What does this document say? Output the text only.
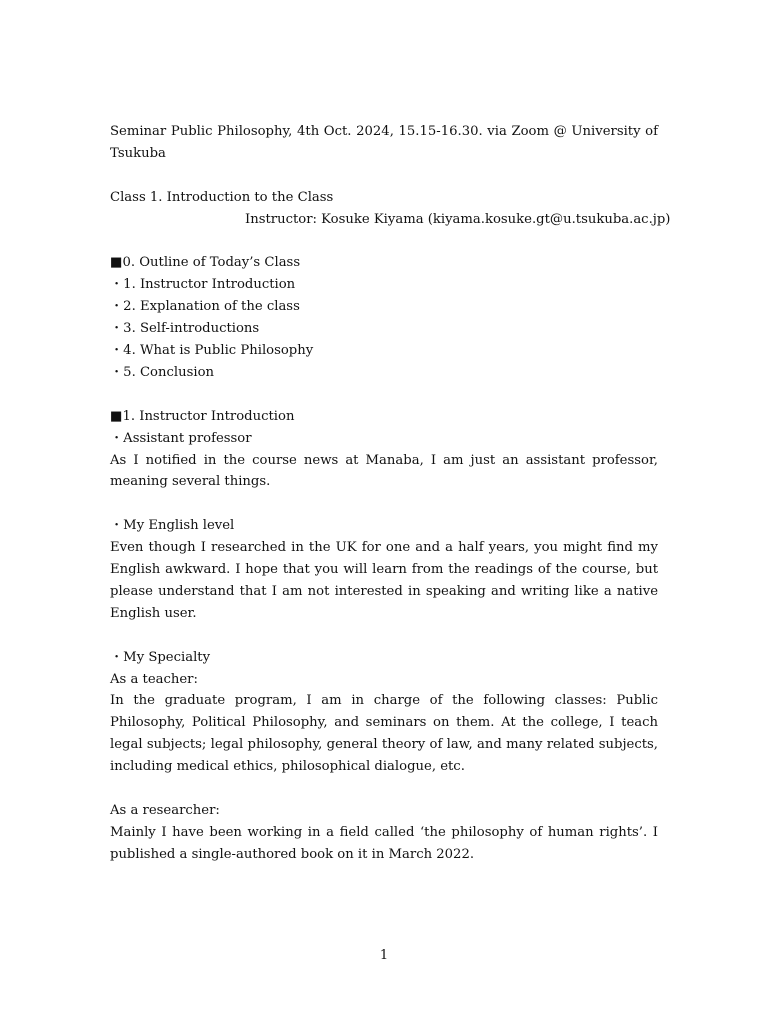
Seminar Public Philosophy, 4th Oct. 2024, 15.15-16.30. via Zoom @ University of Tsukuba

Class 1. Introduction to the Class

Instructor: Kosuke Kiyama (kiyama.kosuke.gt@u.tsukuba.ac.jp)

■0. Outline of Today’s Class

・1. Instructor Introduction

・2. Explanation of the class

・3. Self-introductions

・4. What is Public Philosophy

・5. Conclusion

■1. Instructor Introduction

・Assistant professor

As I notified in the course news at Manaba, I am just an assistant professor, meaning several things.

・My English level

Even though I researched in the UK for one and a half years, you might find my English awkward. I hope that you will learn from the readings of the course, but please understand that I am not interested in speaking and writing like a native English user.

・My Specialty

As a teacher:

In the graduate program, I am in charge of the following classes: Public Philosophy, Political Philosophy, and seminars on them. At the college, I teach legal subjects; legal philosophy, general theory of law, and many related subjects, including medical ethics, philosophical dialogue, etc.

As a researcher:

Mainly I have been working in a field called ‘the philosophy of human rights’. I published a single-authored book on it in March 2022.

1
